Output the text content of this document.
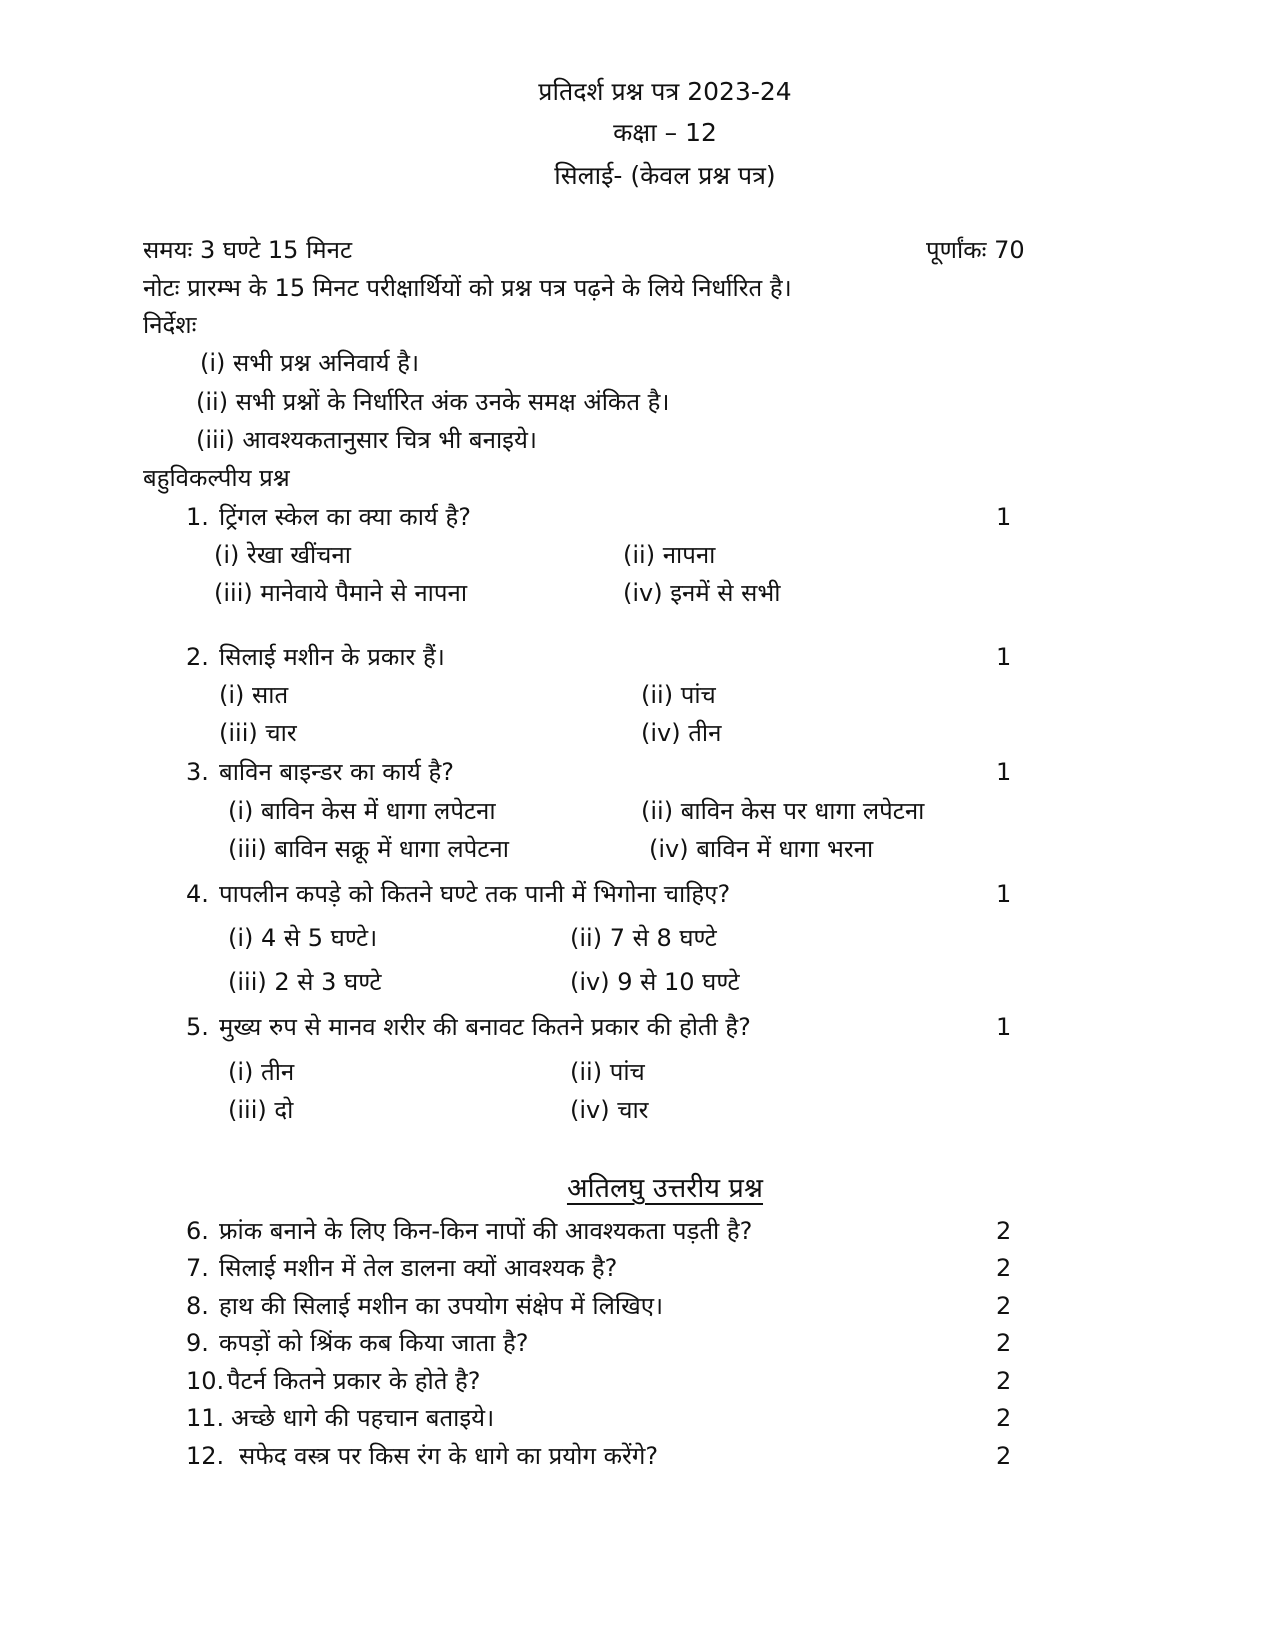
प्रतिदर्श प्रश्न पत्र 2023-24
कक्षा – 12
सिलाई- (केवल प्रश्न पत्र)
समयः 3 घण्टे 15 मिनट	पूर्णांकः 70
नोटः प्रारम्भ के 15 मिनट परीक्षार्थियों को प्रश्न पत्र पढ़ने के लिये निर्धारित है।
निर्देशः
(i) सभी प्रश्न अनिवार्य है।
(ii) सभी प्रश्नों के निर्धारित अंक उनके समक्ष अंकित है।
(iii) आवश्यकतानुसार चित्र भी बनाइये।
बहुविकल्पीय प्रश्न
1. ट्रिंगल स्केल का क्या कार्य है?	1
(i) रेखा खींचना	(ii) नापना
(iii) मानेवाये पैमाने से नापना	(iv) इनमें से सभी
2. सिलाई मशीन के प्रकार हैं।	1
(i) सात	(ii) पांच
(iii) चार	(iv) तीन
3. बाविन बाइन्डर का कार्य है?	1
(i) बाविन केस में धागा लपेटना	(ii) बाविन केस पर धागा लपेटना
(iii) बाविन सक्रू में धागा लपेटना	(iv) बाविन में धागा भरना
4. पापलीन कपड़े को कितने घण्टे तक पानी में भिगोना चाहिए?	1
(i) 4 से 5 घण्टे।	(ii) 7 से 8 घण्टे
(iii) 2 से 3 घण्टे	(iv) 9 से 10 घण्टे
5. मुख्य रुप से मानव शरीर की बनावट कितने प्रकार की होती है?	1
(i) तीन	(ii) पांच
(iii) दो	(iv) चार
अतिलघु उत्तरीय प्रश्न
6. फ्रांक बनाने के लिए किन-किन नापों की आवश्यकता पड़ती है?	2
7. सिलाई मशीन में तेल डालना क्यों आवश्यक है?	2
8. हाथ की सिलाई मशीन का उपयोग संक्षेप में लिखिए।	2
9. कपड़ों को श्रिंक कब किया जाता है?	2
10. पैटर्न कितने प्रकार के होते है?	2
11. अच्छे धागे की पहचान बताइये।	2
12. सफेद वस्त्र पर किस रंग के धागे का प्रयोग करेंगे?	2
